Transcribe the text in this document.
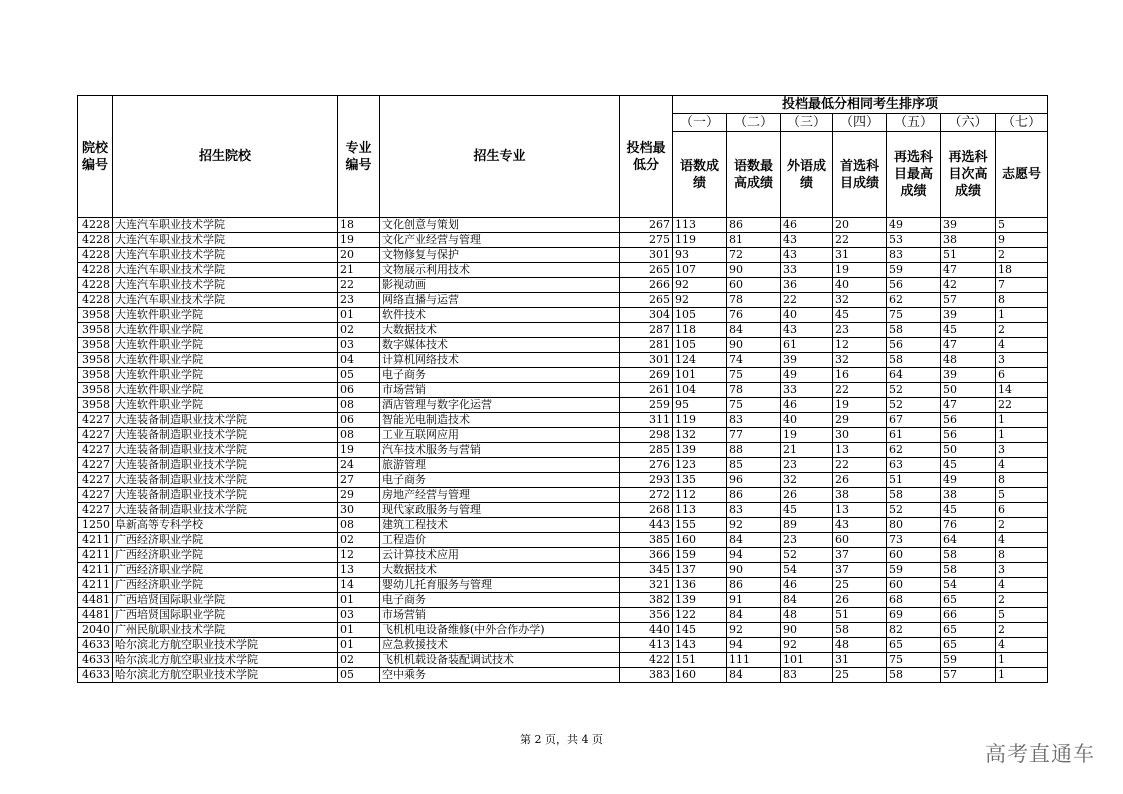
院校编号	招生院校	专业编号	招生专业	投档最低分	投档最低分相同考生排序项						
					（一）	（二）	（三）	（四）	（五）	（六）	（七）
					语数成绩	语数最高成绩	外语成绩	首选科目成绩	再选科目最高成绩	再选科目次高成绩	志愿号
4228	大连汽车职业技术学院	18	文化创意与策划	267	113	86	46	20	49	39	5
4228	大连汽车职业技术学院	19	文化产业经营与管理	275	119	81	43	22	53	38	9
4228	大连汽车职业技术学院	20	文物修复与保护	301	93	72	43	31	83	51	2
4228	大连汽车职业技术学院	21	文物展示利用技术	265	107	90	33	19	59	47	18
4228	大连汽车职业技术学院	22	影视动画	266	92	60	36	40	56	42	7
4228	大连汽车职业技术学院	23	网络直播与运营	265	92	78	22	32	62	57	8
3958	大连软件职业学院	01	软件技术	304	105	76	40	45	75	39	1
3958	大连软件职业学院	02	大数据技术	287	118	84	43	23	58	45	2
3958	大连软件职业学院	03	数字媒体技术	281	105	90	61	12	56	47	4
3958	大连软件职业学院	04	计算机网络技术	301	124	74	39	32	58	48	3
3958	大连软件职业学院	05	电子商务	269	101	75	49	16	64	39	6
3958	大连软件职业学院	06	市场营销	261	104	78	33	22	52	50	14
3958	大连软件职业学院	08	酒店管理与数字化运营	259	95	75	46	19	52	47	22
4227	大连装备制造职业技术学院	06	智能光电制造技术	311	119	83	40	29	67	56	1
4227	大连装备制造职业技术学院	08	工业互联网应用	298	132	77	19	30	61	56	1
4227	大连装备制造职业技术学院	19	汽车技术服务与营销	285	139	88	21	13	62	50	3
4227	大连装备制造职业技术学院	24	旅游管理	276	123	85	23	22	63	45	4
4227	大连装备制造职业技术学院	27	电子商务	293	135	96	32	26	51	49	8
4227	大连装备制造职业技术学院	29	房地产经营与管理	272	112	86	26	38	58	38	5
4227	大连装备制造职业技术学院	30	现代家政服务与管理	268	113	83	45	13	52	45	6
1250	阜新高等专科学校	08	建筑工程技术	443	155	92	89	43	80	76	2
4211	广西经济职业学院	02	工程造价	385	160	84	23	60	73	64	4
4211	广西经济职业学院	12	云计算技术应用	366	159	94	52	37	60	58	8
4211	广西经济职业学院	13	大数据技术	345	137	90	54	37	59	58	3
4211	广西经济职业学院	14	婴幼儿托育服务与管理	321	136	86	46	25	60	54	4
4481	广西培贤国际职业学院	01	电子商务	382	139	91	84	26	68	65	2
4481	广西培贤国际职业学院	03	市场营销	356	122	84	48	51	69	66	5
2040	广州民航职业技术学院	01	飞机机电设备维修(中外合作办学)	440	145	92	90	58	82	65	2
4633	哈尔滨北方航空职业技术学院	01	应急救援技术	413	143	94	92	48	65	65	4
4633	哈尔滨北方航空职业技术学院	02	飞机机载设备装配调试技术	422	151	111	101	31	75	59	1
4633	哈尔滨北方航空职业技术学院	05	空中乘务	383	160	84	83	25	58	57	1
第 2 页，共 4 页
高考直通车
